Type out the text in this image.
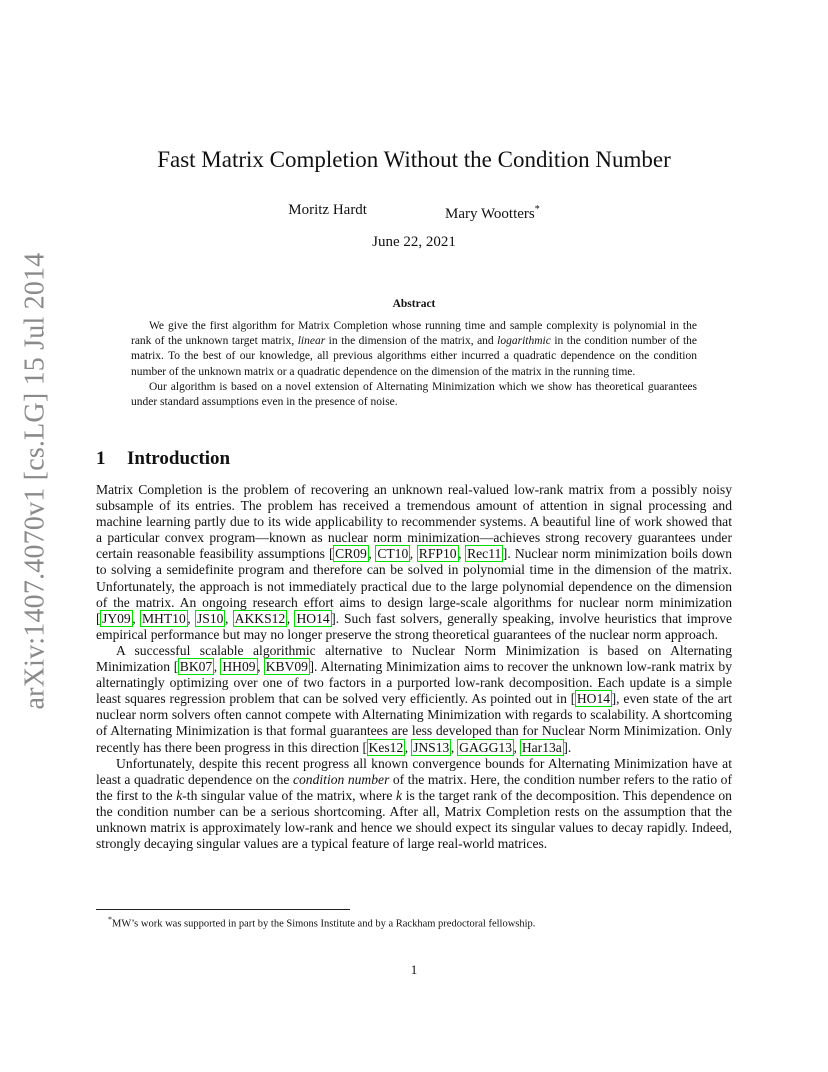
arXiv:1407.4070v1 [cs.LG] 15 Jul 2014
Fast Matrix Completion Without the Condition Number
Moritz Hardt	Mary Wootters*
June 22, 2021
Abstract

We give the first algorithm for Matrix Completion whose running time and sample complexity is polynomial in the rank of the unknown target matrix, linear in the dimension of the matrix, and logarithmic in the condition number of the matrix. To the best of our knowledge, all previous algorithms either incurred a quadratic dependence on the condition number of the unknown matrix or a quadratic dependence on the dimension of the matrix in the running time.

Our algorithm is based on a novel extension of Alternating Minimization which we show has theoretical guarantees under standard assumptions even in the presence of noise.

1 Introduction

Matrix Completion is the problem of recovering an unknown real-valued low-rank matrix from a possibly noisy subsample of its entries. The problem has received a tremendous amount of attention in signal processing and machine learning partly due to its wide applicability to recommender systems. A beautiful line of work showed that a particular convex program—known as nuclear norm minimization—achieves strong recovery guarantees under certain reasonable feasibility assumptions [ CR09 , CT10 , RFP10 , Rec11 ]. Nuclear norm minimization boils down to solving a semidefinite program and therefore can be solved in polynomial time in the dimension of the matrix. Unfortunately, the approach is not immediately practical due to the large polynomial dependence on the dimension of the matrix. An ongoing research effort aims to design large-scale algorithms for nuclear norm minimization [ JY09 , MHT10 , JS10 , AKKS12 , HO14 ]. Such fast solvers, generally speaking, involve heuristics that improve empirical performance but may no longer preserve the strong theoretical guarantees of the nuclear norm approach.

A successful scalable algorithmic alternative to Nuclear Norm Minimization is based on Alternating Minimization [ BK07 , HH09 , KBV09 ]. Alternating Minimization aims to recover the unknown low-rank matrix by alternatingly optimizing over one of two factors in a purported low-rank decomposition. Each update is a simple least squares regression problem that can be solved very efficiently. As pointed out in [ HO14 ], even state of the art nuclear norm solvers often cannot compete with Alternating Minimization with regards to scalability. A shortcoming of Alternating Minimization is that formal guarantees are less developed than for Nuclear Norm Minimization. Only recently has there been progress in this direction [ Kes12 , JNS13 , GAGG13 , Har13a ].

Unfortunately, despite this recent progress all known convergence bounds for Alternating Minimization have at least a quadratic dependence on the condition number of the matrix. Here, the condition number refers to the ratio of the first to the k-th singular value of the matrix, where k is the target rank of the decomposition. This dependence on the condition number can be a serious shortcoming. After all, Matrix Completion rests on the assumption that the unknown matrix is approximately low-rank and hence we should expect its singular values to decay rapidly. Indeed, strongly decaying singular values are a typical feature of large real-world matrices.

*MW’s work was supported in part by the Simons Institute and by a Rackham predoctoral fellowship.
1
